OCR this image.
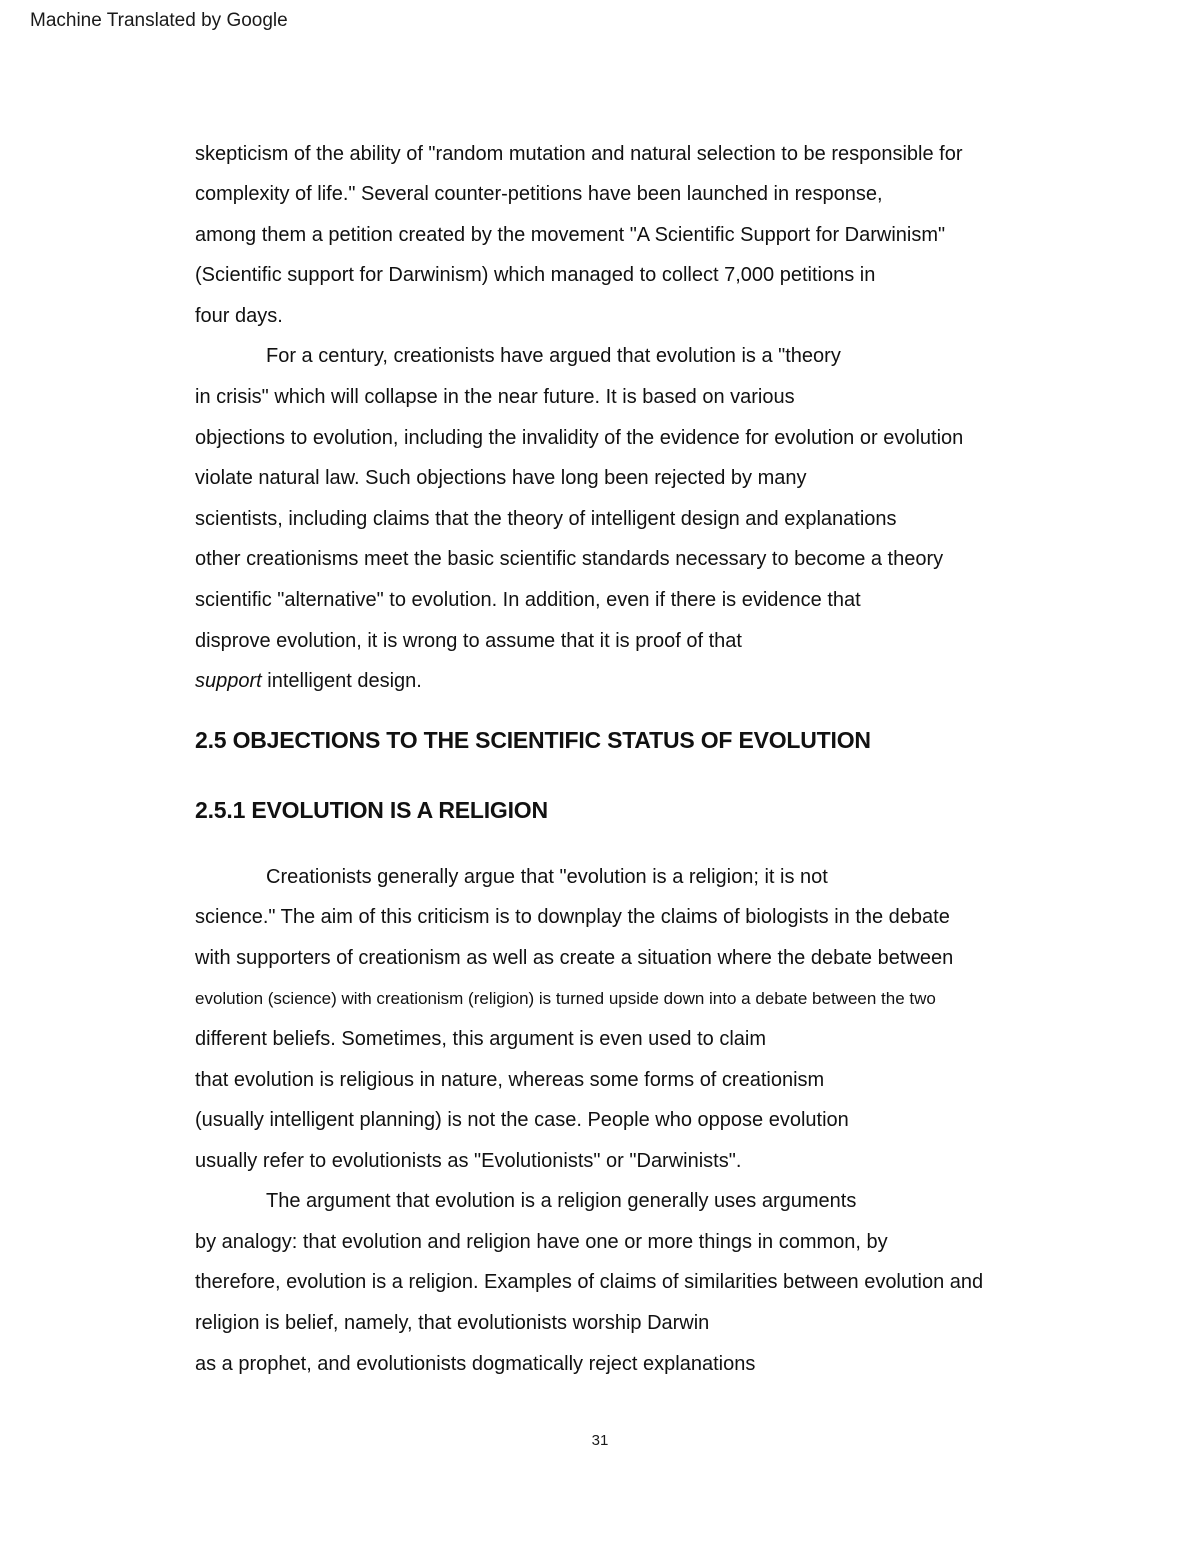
Machine Translated by Google
skepticism of the ability of "random mutation and natural selection to be responsible for
complexity of life." Several counter-petitions have been launched in response,
among them a petition created by the movement "A Scientific Support for Darwinism"
(Scientific support for Darwinism) which managed to collect 7,000 petitions in
four days.
For a century, creationists have argued that evolution is a "theory
in crisis" which will collapse in the near future. It is based on various
objections to evolution, including the invalidity of the evidence for evolution or evolution
violate natural law. Such objections have long been rejected by many
scientists, including claims that the theory of intelligent design and explanations
other creationisms meet the basic scientific standards necessary to become a theory
scientific "alternative" to evolution. In addition, even if there is evidence that
disprove evolution, it is wrong to assume that it is proof of that
support intelligent design.
2.5 OBJECTIONS TO THE SCIENTIFIC STATUS OF EVOLUTION
2.5.1 EVOLUTION IS A RELIGION
Creationists generally argue that "evolution is a religion; it is not
science." The aim of this criticism is to downplay the claims of biologists in the debate
with supporters of creationism as well as create a situation where the debate between
evolution (science) with creationism (religion) is turned upside down into a debate between the two
different beliefs. Sometimes, this argument is even used to claim
that evolution is religious in nature, whereas some forms of creationism
(usually intelligent planning) is not the case. People who oppose evolution
usually refer to evolutionists as "Evolutionists" or "Darwinists".
The argument that evolution is a religion generally uses arguments
by analogy: that evolution and religion have one or more things in common, by
therefore, evolution is a religion. Examples of claims of similarities between evolution and
religion is belief, namely, that evolutionists worship Darwin
as a prophet, and evolutionists dogmatically reject explanations
31
